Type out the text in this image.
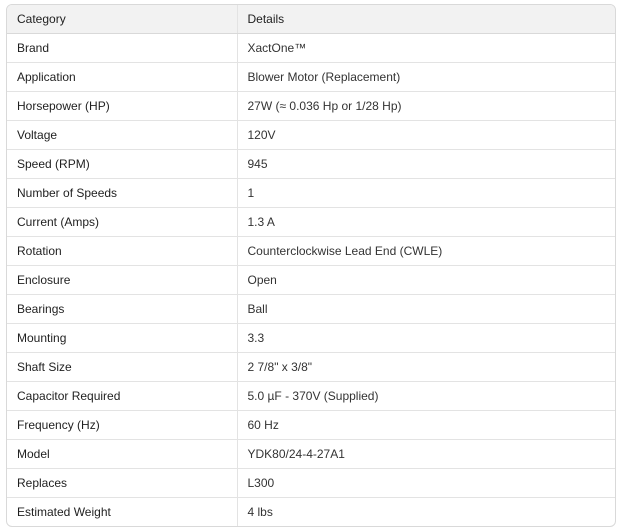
Category	Details
Brand	XactOne™
Application	Blower Motor (Replacement)
Horsepower (HP)	27W (≈ 0.036 Hp or 1/28 Hp)
Voltage	120V
Speed (RPM)	945
Number of Speeds	1
Current (Amps)	1.3 A
Rotation	Counterclockwise Lead End (CWLE)
Enclosure	Open
Bearings	Ball
Mounting	3.3
Shaft Size	2 7/8" x 3/8"
Capacitor Required	5.0 µF - 370V (Supplied)
Frequency (Hz)	60 Hz
Model	YDK80/24-4-27A1
Replaces	L300
Estimated Weight	4 lbs
